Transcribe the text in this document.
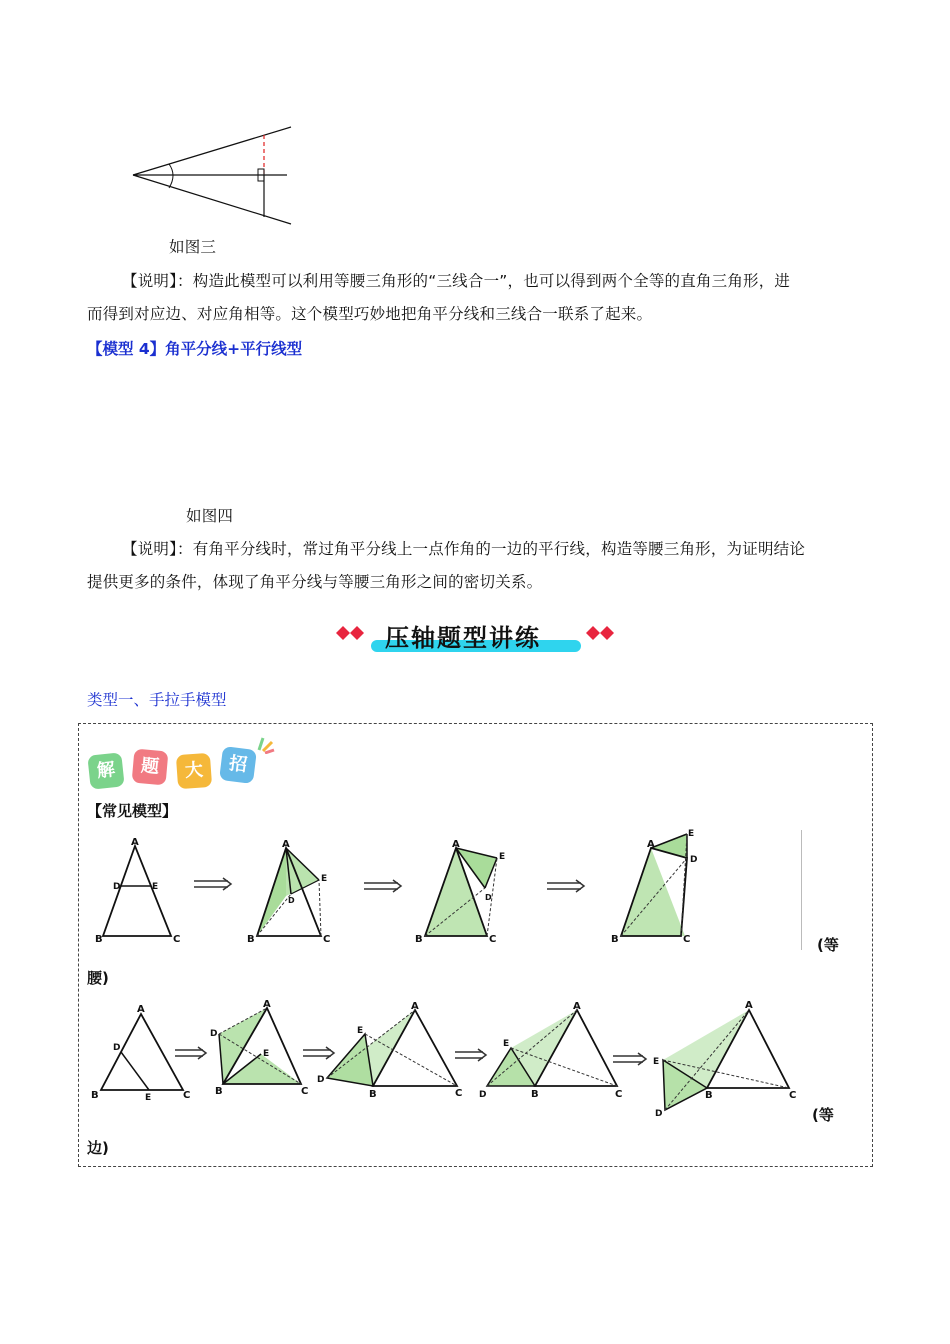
如图三
【说明】：构造此模型可以利用等腰三角形的“三线合一”，也可以得到两个全等的直角三角形，进
而得到对应边、对应角相等。这个模型巧妙地把角平分线和三线合一联系了起来。
【模型 4】角平分线+平行线型
如图四
【说明】：有角平分线时，常过角平分线上一点作角的一边的平行线，构造等腰三角形，为证明结论
提供更多的条件，体现了角平分线与等腰三角形之间的密切关系。
压轴题型讲练
类型一、手拉手模型
解	题	大	招
【常见模型】
A
D	E
B	C
A
E
D
B	C
A
E
D
B	C
A
E
D
B	C	(等
腰)
A
D
B	E	C
A
D
E
B	C
A
E
D
B	C
A
E
D	B	C
A
E
D
B	C
(等
边)
